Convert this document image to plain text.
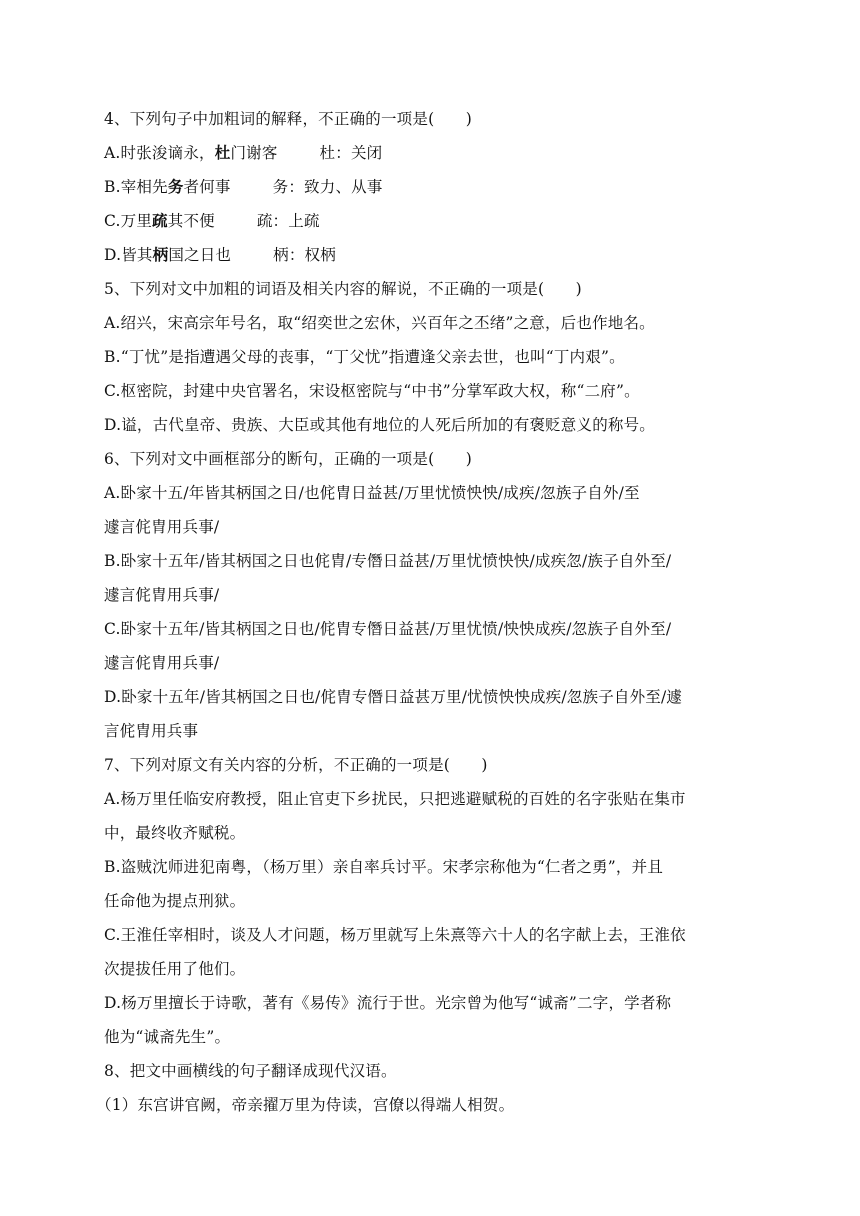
4、下列句子中加粗词的解释，不正确的一项是(　　)
A.时张浚谪永，杜门谢客	杜：关闭
B.宰相先务者何事	务：致力、从事
C.万里疏其不便	疏：上疏
D.皆其柄国之日也	柄：权柄
5、下列对文中加粗的词语及相关内容的解说，不正确的一项是(　　)
A.绍兴，宋高宗年号名，取“绍奕世之宏休，兴百年之丕绪”之意，后也作地名。
B.“丁忧”是指遭遇父母的丧事，“丁父忧”指遭逢父亲去世，也叫“丁内艰”。
C.枢密院，封建中央官署名，宋设枢密院与“中书”分掌军政大权，称“二府”。
D.谥，古代皇帝、贵族、大臣或其他有地位的人死后所加的有褒贬意义的称号。
6、下列对文中画框部分的断句，正确的一项是(　　)
A.卧家十五/年皆其柄国之日/也侂胄日益甚/万里忧愤怏怏/成疾/忽族子自外/至
遽言侂胄用兵事/
B.卧家十五年/皆其柄国之日也侂胄/专僭日益甚/万里忧愤怏怏/成疾忽/族子自外至/
遽言侂胄用兵事/
C.卧家十五年/皆其柄国之日也/侂胄专僭日益甚/万里忧愤/怏怏成疾/忽族子自外至/
遽言侂胄用兵事/
D.卧家十五年/皆其柄国之日也/侂胄专僭日益甚万里/忧愤怏怏成疾/忽族子自外至/遽
言侂胄用兵事
7、下列对原文有关内容的分析，不正确的一项是(　　)
A.杨万里任临安府教授，阻止官吏下乡扰民，只把逃避赋税的百姓的名字张贴在集市
中，最终收齐赋税。
B.盗贼沈师进犯南粤，（杨万里）亲自率兵讨平。宋孝宗称他为“仁者之勇”，并且
任命他为提点刑狱。
C.王淮任宰相时，谈及人才问题，杨万里就写上朱熹等六十人的名字献上去，王淮依
次提拔任用了他们。
D.杨万里擅长于诗歌，著有《易传》流行于世。光宗曾为他写“诚斋”二字，学者称
他为“诚斋先生”。
8、把文中画横线的句子翻译成现代汉语。
（1）东宫讲官阙，帝亲擢万里为侍读，宫僚以得端人相贺。
